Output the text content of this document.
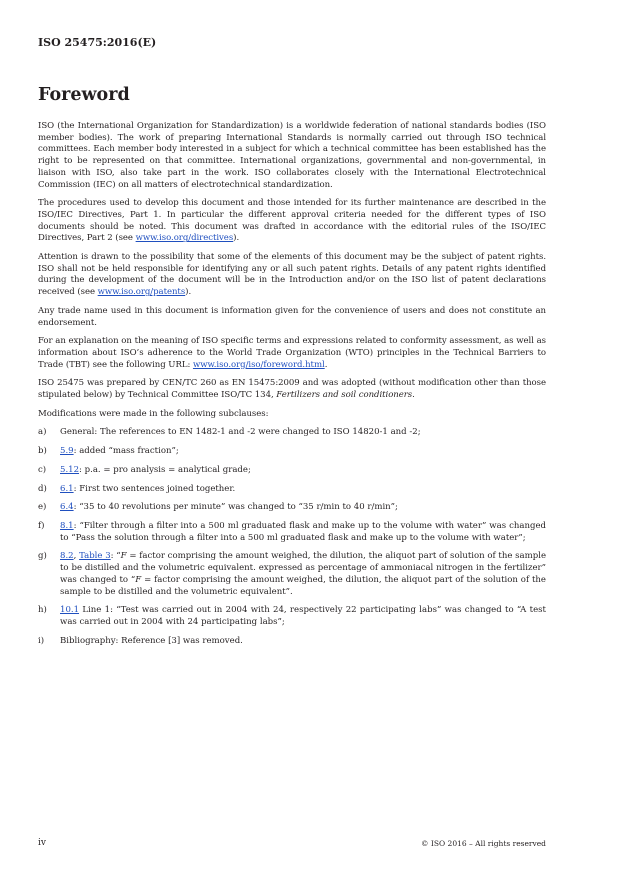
ISO 25475:2016(E)
Foreword

ISO (the International Organization for Standardization) is a worldwide federation of national standards bodies (ISO member bodies). The work of preparing International Standards is normally carried out through ISO technical committees. Each member body interested in a subject for which a technical committee has been established has the right to be represented on that committee. International organizations, governmental and non-governmental, in liaison with ISO, also take part in the work. ISO collaborates closely with the International Electrotechnical Commission (IEC) on all matters of electrotechnical standardization.

The procedures used to develop this document and those intended for its further maintenance are described in the ISO/IEC Directives, Part 1. In particular the different approval criteria needed for the different types of ISO documents should be noted. This document was drafted in accordance with the editorial rules of the ISO/IEC Directives, Part 2 (see www.iso.org/directives).

Attention is drawn to the possibility that some of the elements of this document may be the subject of patent rights. ISO shall not be held responsible for identifying any or all such patent rights. Details of any patent rights identified during the development of the document will be in the Introduction and/or on the ISO list of patent declarations received (see www.iso.org/patents).

Any trade name used in this document is information given for the convenience of users and does not constitute an endorsement.

For an explanation on the meaning of ISO specific terms and expressions related to conformity assessment, as well as information about ISO’s adherence to the World Trade Organization (WTO) principles in the Technical Barriers to Trade (TBT) see the following URL: www.iso.org/iso/foreword.html.

ISO 25475 was prepared by CEN/TC 260 as EN 15475:2009 and was adopted (without modification other than those stipulated below) by Technical Committee ISO/TC 134, Fertilizers and soil conditioners.

Modifications were made in the following subclauses:

a)	General: The references to EN 1482-1 and -2 were changed to ISO 14820-1 and -2;
b)	5.9: added “mass fraction”;
c)	5.12: p.a. = pro analysis = analytical grade;
d)	6.1: First two sentences joined together.
e)	6.4: “35 to 40 revolutions per minute” was changed to “35 r/min to 40 r/min”;
f)	8.1: “Filter through a filter into a 500 ml graduated flask and make up to the volume with water” was changed to “Pass the solution through a filter into a 500 ml graduated flask and make up to the volume with water”;
g)	8.2, Table 3: “F = factor comprising the amount weighed, the dilution, the aliquot part of solution of the sample to be distilled and the volumetric equivalent. expressed as percentage of ammoniacal nitrogen in the fertilizer” was changed to “F = factor comprising the amount weighed, the dilution, the aliquot part of the solution of the sample to be distilled and the volumetric equivalent”.
h)	10.1 Line 1: “Test was carried out in 2004 with 24, respectively 22 participating labs” was changed to “A test was carried out in 2004 with 24 participating labs”;
i)	Bibliography: Reference [3] was removed.
iv	© ISO 2016 – All rights reserved
